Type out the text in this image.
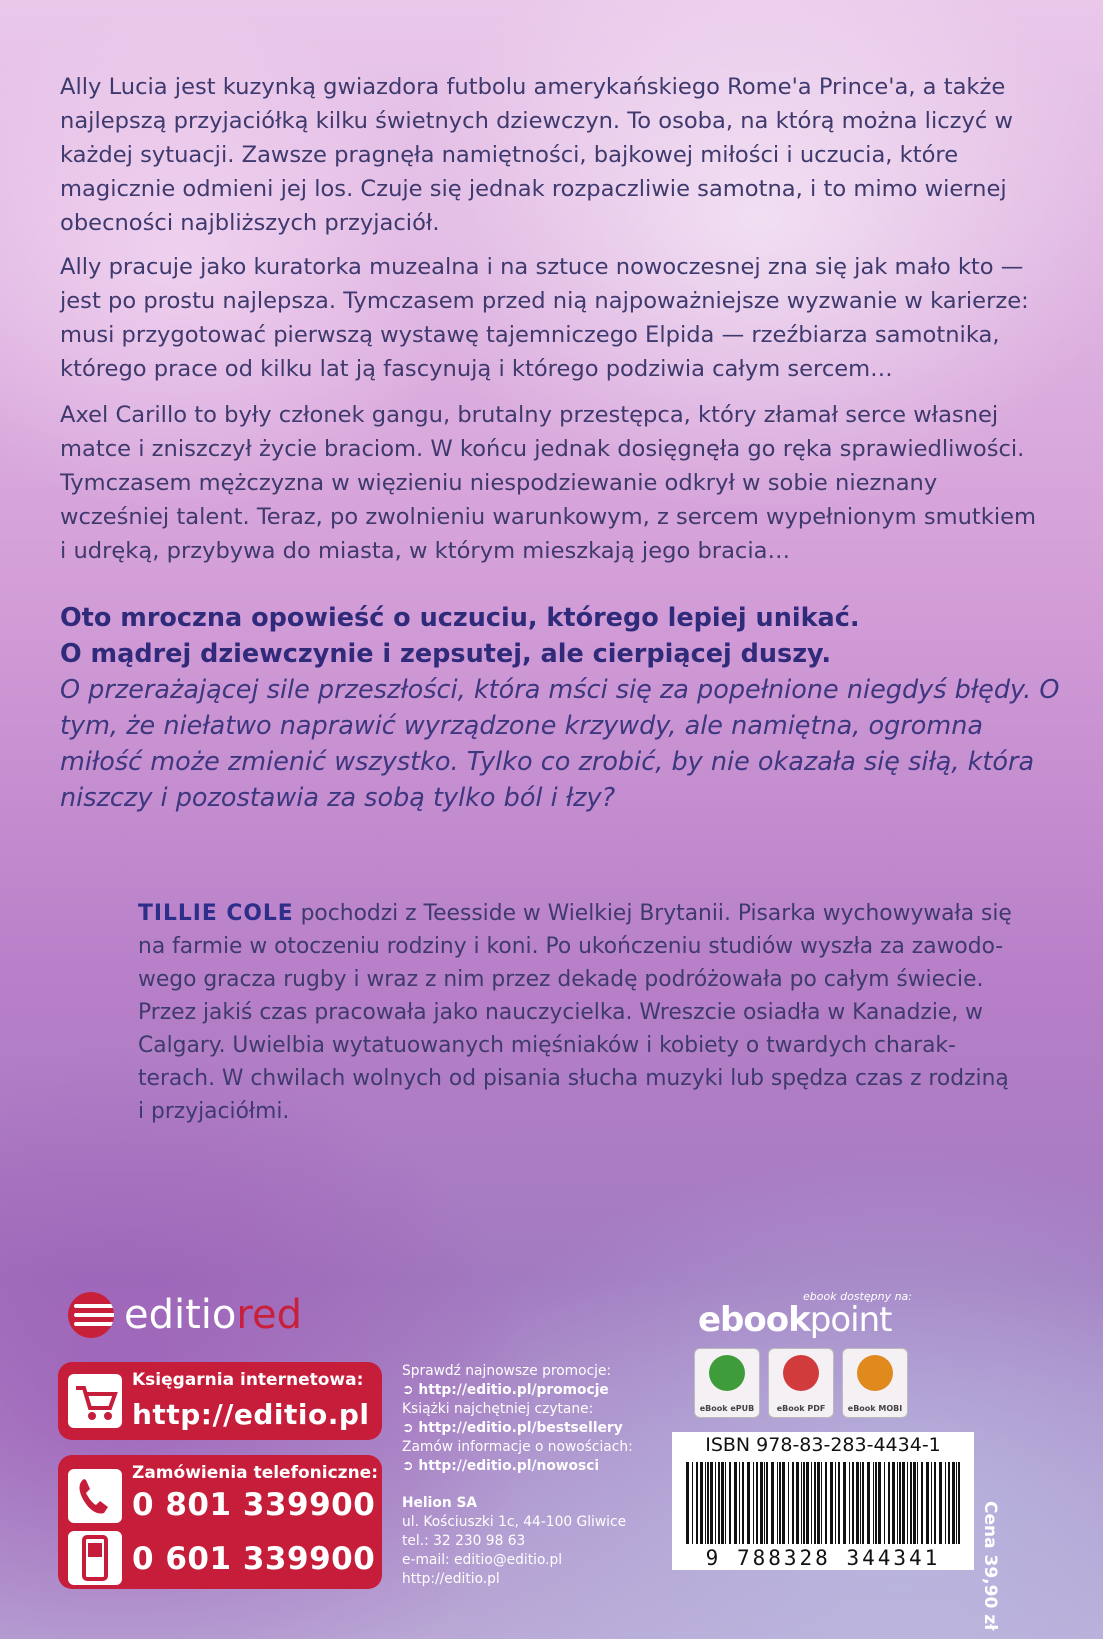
Ally Lucia jest kuzynką gwiazdora futbolu amerykańskiego Rome'a Prince'a, a także najlepszą przyjaciółką kilku świetnych dziewczyn. To osoba, na którą można liczyć w każdej sytuacji. Zawsze pragnęła namiętności, bajkowej miłości i uczucia, które magicznie odmieni jej los. Czuje się jednak rozpaczliwie samotna, i to mimo wiernej obecności najbliższych przyjaciół.

Ally pracuje jako kuratorka muzealna i na sztuce nowoczesnej zna się jak mało kto — jest po prostu najlepsza. Tymczasem przed nią najpoważniejsze wyzwanie w karierze: musi przygotować pierwszą wystawę tajemniczego Elpida — rzeźbiarza samotnika, którego prace od kilku lat ją fascynują i którego podziwia całym sercem…

Axel Carillo to były członek gangu, brutalny przestępca, który złamał serce własnej matce i zniszczył życie braciom. W końcu jednak dosięgnęła go ręka sprawiedliwości. Tymczasem mężczyzna w więzieniu niespodziewanie odkrył w sobie nieznany wcześniej talent. Teraz, po zwolnieniu warunkowym, z sercem wypełnionym smutkiem i udręką, przybywa do miasta, w którym mieszkają jego bracia…

Oto mroczna opowieść o uczuciu, którego lepiej unikać.
O mądrej dziewczynie i zepsutej, ale cierpiącej duszy.
O przerażającej sile przeszłości, która mści się za popełnione niegdyś błędy. O tym, że niełatwo naprawić wyrządzone krzywdy, ale namiętna, ogromna miłość może zmienić wszystko. Tylko co zrobić, by nie okazała się siłą, która niszczy i pozostawia za sobą tylko ból i łzy?
TILLIE COLE pochodzi z Teesside w Wielkiej Brytanii. Pisarka wychowywała się na farmie w otoczeniu rodziny i koni. Po ukończeniu studiów wyszła za zawodo- wego gracza rugby i wraz z nim przez dekadę podróżowała po całym świecie. Przez jakiś czas pracowała jako nauczycielka. Wreszcie osiadła w Kanadzie, w Calgary. Uwielbia wytatuowanych mięśniaków i kobiety o twardych charak- terach. W chwilach wolnych od pisania słucha muzyki lub spędza czas z rodziną i przyjaciółmi.
editiored
Księgarnia internetowa:
http://editio.pl
Zamówienia telefoniczne:
0 801 339900
0 601 339900
Sprawdź najnowsze promocje:
➲ http://editio.pl/promocje
Książki najchętniej czytane:
➲ http://editio.pl/bestsellery
Zamów informacje o nowościach:
➲ http://editio.pl/nowosci
Helion SA
ul. Kościuszki 1c, 44-100 Gliwice
tel.: 32 230 98 63
e-mail: editio@editio.pl
http://editio.pl
ebook dostępny na:
ebookpoint
eBook ePUB	eBook PDF	eBook MOBI
ISBN 978-83-283-4434-1
9 788328 344341	Cena 39,90 zł
